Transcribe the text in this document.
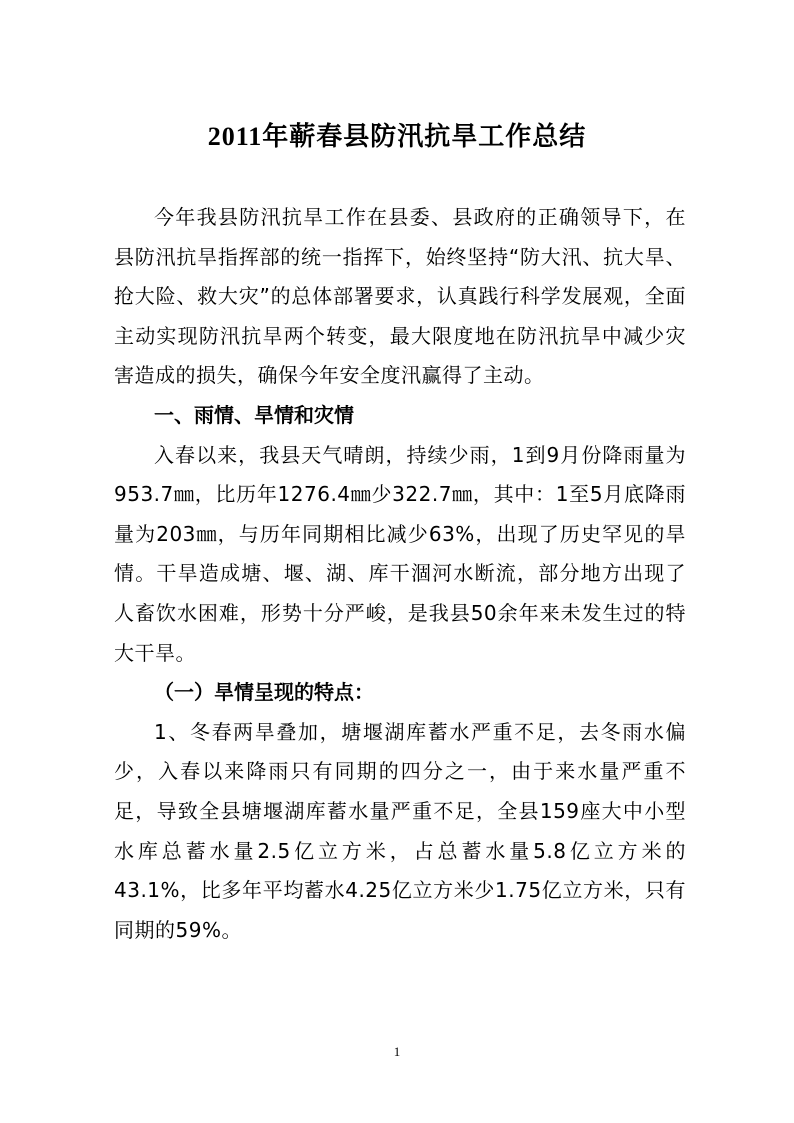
2011年蕲春县防汛抗旱工作总结

今年我县防汛抗旱工作在县委、县政府的正确领导下，在县防汛抗旱指挥部的统一指挥下，始终坚持“防大汛、抗大旱、抢大险、救大灾”的总体部署要求，认真践行科学发展观，全面主动实现防汛抗旱两个转变，最大限度地在防汛抗旱中减少灾害造成的损失，确保今年安全度汛赢得了主动。

一、雨情、旱情和灾情

入春以来，我县天气晴朗，持续少雨，1到9月份降雨量为953.7㎜，比历年1276.4㎜少322.7㎜，其中：1至5月底降雨量为203㎜，与历年同期相比减少63%，出现了历史罕见的旱情。干旱造成塘、堰、湖、库干涸河水断流，部分地方出现了人畜饮水困难，形势十分严峻，是我县50余年来未发生过的特大干旱。

（一）旱情呈现的特点：

1、冬春两旱叠加，塘堰湖库蓄水严重不足，去冬雨水偏少，入春以来降雨只有同期的四分之一，由于来水量严重不足，导致全县塘堰湖库蓄水量严重不足，全县159座大中小型水库总蓄水量2.5亿立方米，占总蓄水量5.8亿立方米的43.1%，比多年平均蓄水4.25亿立方米少1.75亿立方米，只有同期的59%。

1
